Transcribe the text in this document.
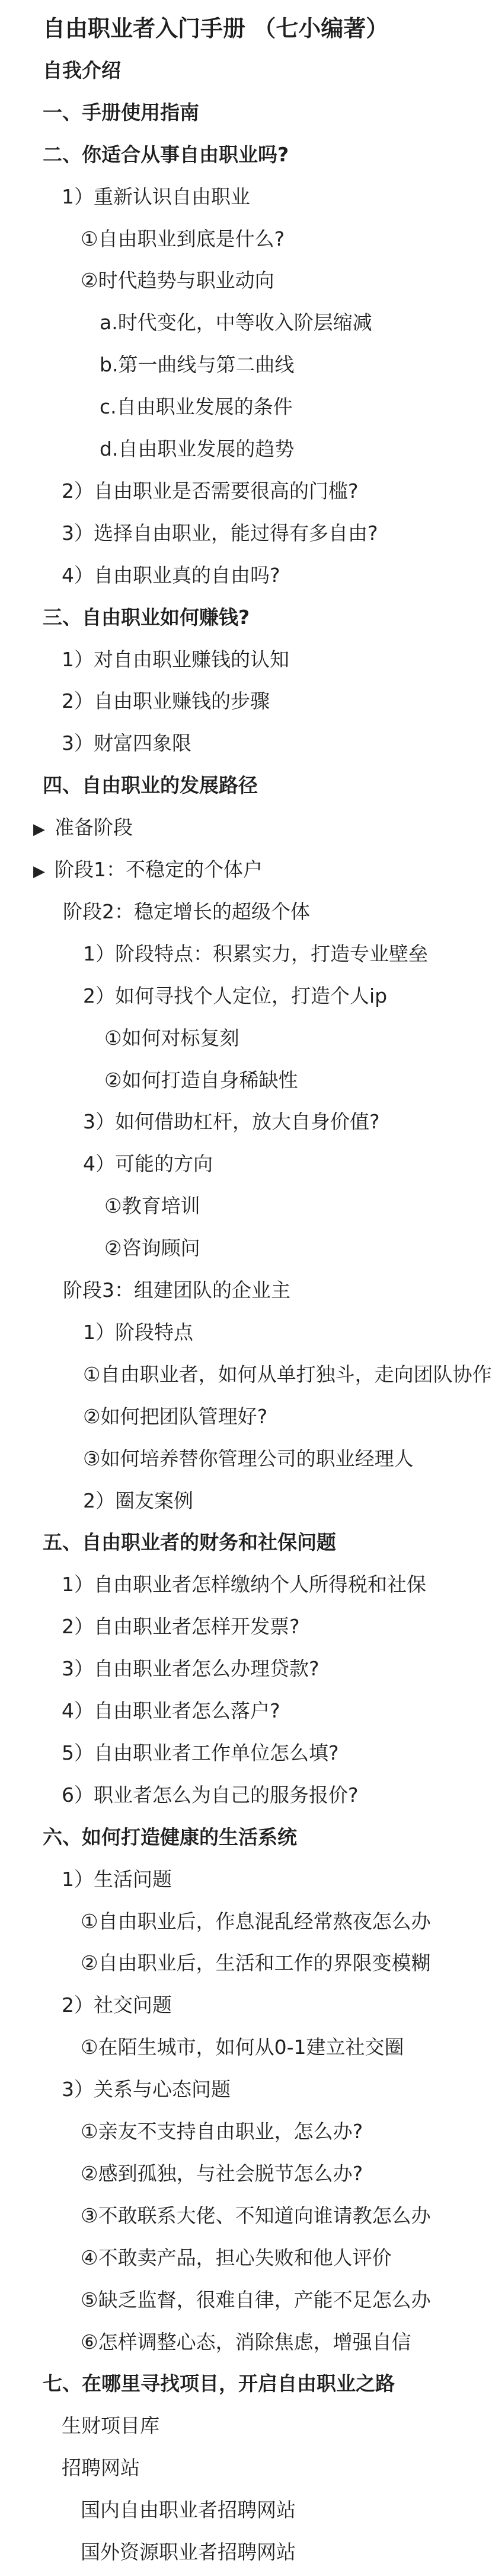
自由职业者入门手册 （七小编著）
自我介绍
一、手册使用指南
二、你适合从事自由职业吗?
1）重新认识自由职业
①自由职业到底是什么?
②时代趋势与职业动向
a.时代变化，中等收入阶层缩减
b.第一曲线与第二曲线
c.自由职业发展的条件
d.自由职业发展的趋势
2）自由职业是否需要很高的门槛?
3）选择自由职业，能过得有多自由?
4）自由职业真的自由吗?
三、自由职业如何赚钱?
1）对自由职业赚钱的认知
2）自由职业赚钱的步骤
3）财富四象限
四、自由职业的发展路径
▶ 准备阶段
▶ 阶段1：不稳定的个体户
阶段2：稳定增长的超级个体
1）阶段特点：积累实力，打造专业壁垒
2）如何寻找个人定位，打造个人ip
①如何对标复刻
②如何打造自身稀缺性
3）如何借助杠杆，放大自身价值?
4）可能的方向
①教育培训
②咨询顾问
阶段3：组建团队的企业主
1）阶段特点
①自由职业者，如何从单打独斗，走向团队协作
②如何把团队管理好?
③如何培养替你管理公司的职业经理人
2）圈友案例
五、自由职业者的财务和社保问题
1）自由职业者怎样缴纳个人所得税和社保
2）自由职业者怎样开发票?
3）自由职业者怎么办理贷款?
4）自由职业者怎么落户?
5）自由职业者工作单位怎么填?
6）职业者怎么为自己的服务报价?
六、如何打造健康的生活系统
1）生活问题
①自由职业后，作息混乱经常熬夜怎么办
②自由职业后，生活和工作的界限变模糊
2）社交问题
①在陌生城市，如何从0-1建立社交圈
3）关系与心态问题
①亲友不支持自由职业，怎么办?
②感到孤独，与社会脱节怎么办?
③不敢联系大佬、不知道向谁请教怎么办
④不敢卖产品，担心失败和他人评价
⑤缺乏监督，很难自律，产能不足怎么办
⑥怎样调整心态，消除焦虑，增强自信
七、在哪里寻找项目，开启自由职业之路
生财项目库
招聘网站
国内自由职业者招聘网站
国外资源职业者招聘网站
